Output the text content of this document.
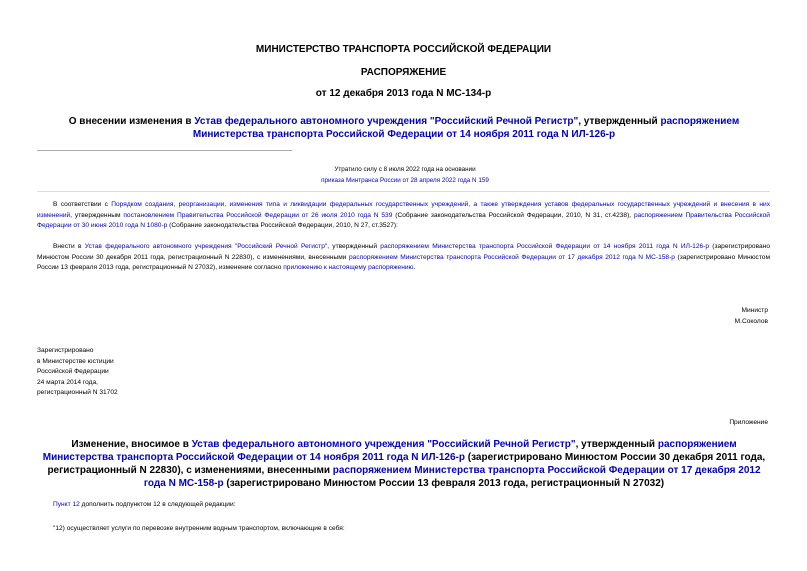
МИНИСТЕРСТВО ТРАНСПОРТА РОССИЙСКОЙ ФЕДЕРАЦИИ
РАСПОРЯЖЕНИЕ
от 12 декабря 2013 года N МС-134-р
О внесении изменения в Устав федерального автономного учреждения "Российский Речной Регистр", утвержденный распоряжением Министерства транспорта Российской Федерации от 14 ноября 2011 года N ИЛ-126-р
Утратило силу с 8 июля 2022 года на основании
приказа Минтранса России от 28 апреля 2022 года N 159
В соответствии с Порядком создания, реорганизации, изменения типа и ликвидации федеральных государственных учреждений, а также утверждения уставов федеральных государственных учреждений и внесения в них изменений, утвержденным постановлением Правительства Российской Федерации от 26 июля 2010 года N 539 (Собрание законодательства Российской Федерации, 2010, N 31, ст.4238), распоряжением Правительства Российской Федерации от 30 июня 2010 года N 1080-р (Собрание законодательства Российской Федерации, 2010, N 27, ст.3527):
Внести в Устав федерального автономного учреждения "Российский Речной Регистр", утвержденный распоряжением Министерства транспорта Российской Федерации от 14 ноября 2011 года N ИЛ-126-р (зарегистрировано Минюстом России 30 декабря 2011 года, регистрационный N 22830), с изменениями, внесенными распоряжением Министерства транспорта Российской Федерации от 17 декабря 2012 года N МС-158-р (зарегистрировано Минюстом России 13 февраля 2013 года, регистрационный N 27032), изменение согласно приложению к настоящему распоряжению.
Министр
М.Соколов
Зарегистрировано
в Министерстве юстиции
Российской Федерации
24 марта 2014 года,
регистрационный N 31702
Приложение
Изменение, вносимое в Устав федерального автономного учреждения "Российский Речной Регистр", утвержденный распоряжением Министерства транспорта Российской Федерации от 14 ноября 2011 года N ИЛ-126-р (зарегистрировано Минюстом России 30 декабря 2011 года, регистрационный N 22830), с изменениями, внесенными распоряжением Министерства транспорта Российской Федерации от 17 декабря 2012 года N МС-158-р (зарегистрировано Минюстом России 13 февраля 2013 года, регистрационный N 27032)
Пункт 12 дополнить подпунктом 12 в следующей редакции:
"12) осуществляет услуги по перевозке внутренним водным транспортом, включающие в себя:
